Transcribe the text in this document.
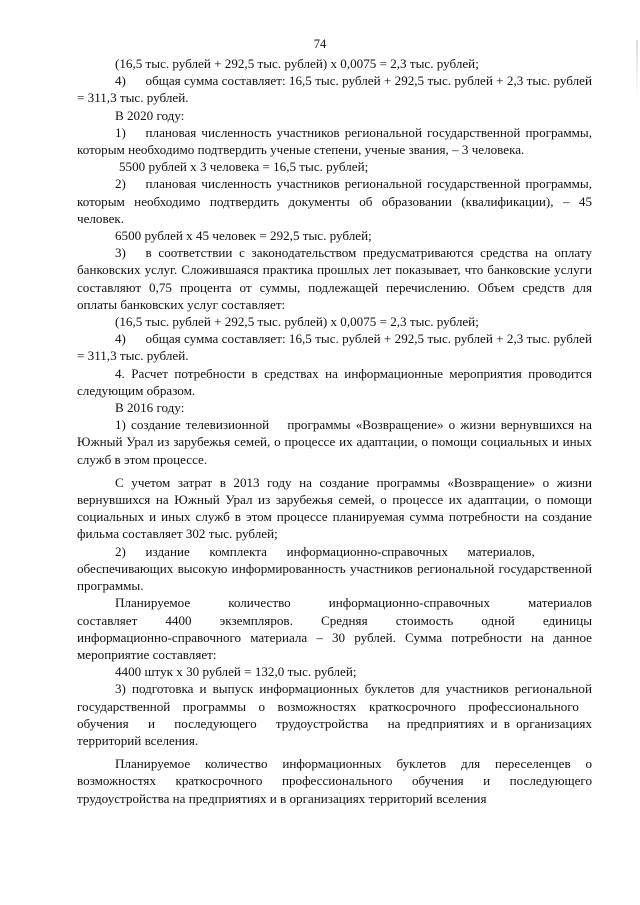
74

(16,5 тыс. рублей + 292,5 тыс. рублей) х 0,0075 = 2,3 тыс. рублей;

4)  общая сумма составляет: 16,5 тыс. рублей + 292,5 тыс. рублей + 2,3 тыс. рублей = 311,3 тыс. рублей.

В 2020 году:

1)  плановая численность участников региональной государственной программы, которым необходимо подтвердить ученые степени, ученые звания, – 3 человека.

5500 рублей х 3 человека = 16,5 тыс. рублей;

2)  плановая численность участников региональной государственной программы, которым необходимо подтвердить документы об образовании (квалификации), – 45 человек.

6500 рублей х 45 человек = 292,5 тыс. рублей;

3)  в соответствии с законодательством предусматриваются средства на оплату банковских услуг. Сложившаяся практика прошлых лет показывает, что банковские услуги составляют 0,75 процента от суммы, подлежащей перечислению. Объем средств для оплаты банковских услуг составляет:

(16,5 тыс. рублей + 292,5 тыс. рублей) х 0,0075 = 2,3 тыс. рублей;

4)  общая сумма составляет: 16,5 тыс. рублей + 292,5 тыс. рублей + 2,3 тыс. рублей = 311,3 тыс. рублей.

4. Расчет потребности в средствах на информационные мероприятия проводится следующим образом.

В 2016 году:

1) создание телевизионной  программы «Возвращение» о жизни вернувшихся на Южный Урал из зарубежья семей, о процессе их адаптации, о помощи социальных и иных служб в этом процессе.

С учетом затрат в 2013 году на создание программы «Возвращение» о жизни вернувшихся на Южный Урал из зарубежья семей, о процессе их адаптации, о помощи социальных и иных служб в этом процессе планируемая сумма потребности на создание фильма составляет 302 тыс. рублей;

2)  издание  комплекта  информационно-справочных  материалов, обеспечивающих высокую информированность участников региональной государственной программы.

Планируемое  количество  информационно-справочных  материалов составляет  4400  экземпляров.  Средняя  стоимость  одной  единицы информационно-справочного материала – 30 рублей. Сумма потребности на данное мероприятие составляет:

4400 штук х 30 рублей = 132,0 тыс. рублей;

3) подготовка и выпуск информационных буклетов для участников региональной государственной программы о возможностях краткосрочного профессионального  обучения  и  последующего  трудоустройства  на предприятиях и в организациях территорий вселения.

Планируемое количество информационных буклетов для переселенцев о возможностях краткосрочного профессионального обучения и последующего трудоустройства на предприятиях и в организациях территорий вселения
